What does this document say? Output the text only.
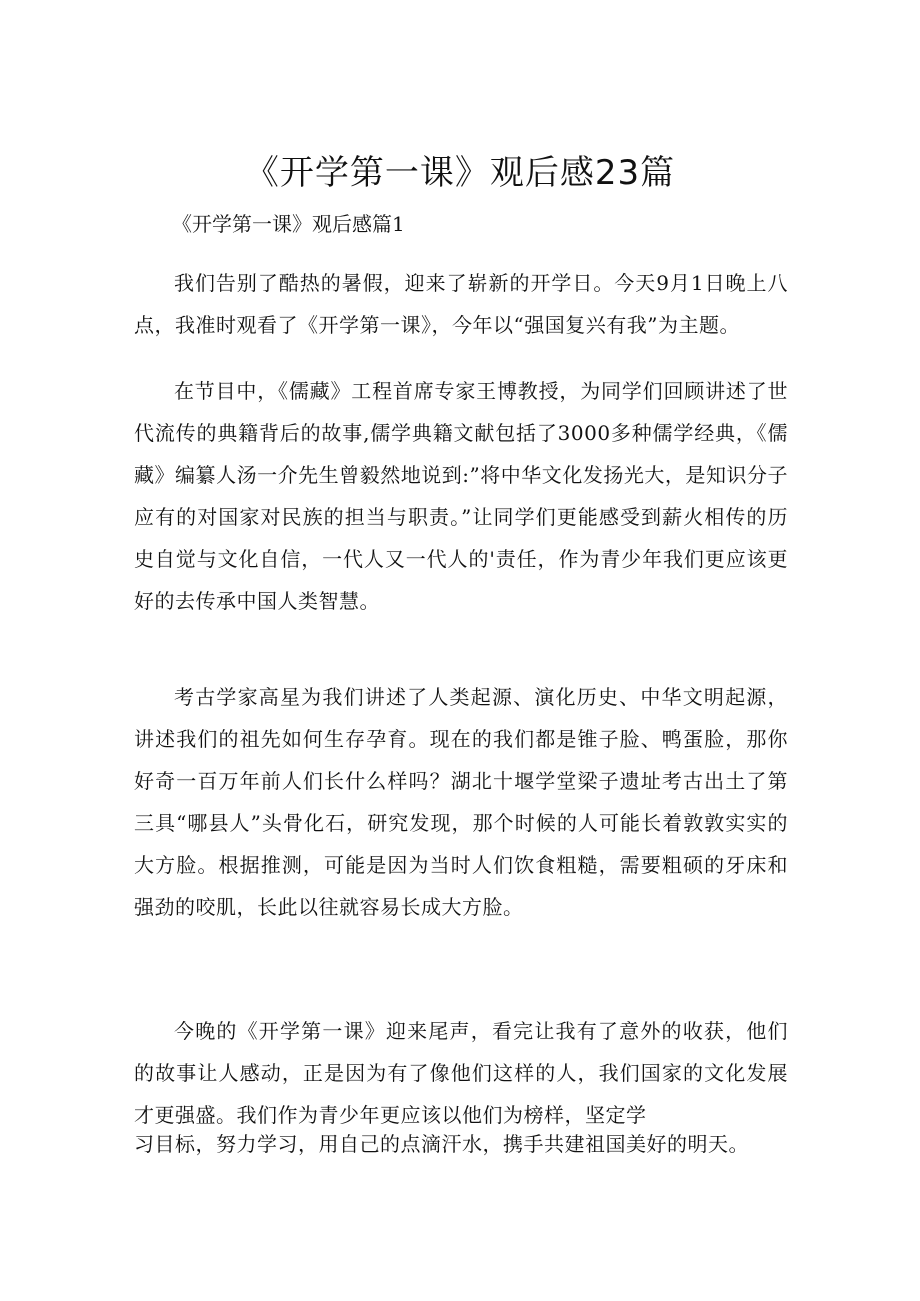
《开学第一课》观后感23篇

《开学第一课》观后感篇1

我们告别了酷热的暑假，迎来了崭新的开学日。今天9月1日晚上八点，我准时观看了《开学第一课》，今年以“强国复兴有我”为主题。

在节目中，《儒藏》工程首席专家王博教授，为同学们回顾讲述了世代流传的典籍背后的故事,儒学典籍文献包括了3000多种儒学经典，《儒藏》编纂人汤一介先生曾毅然地说到:”将中华文化发扬光大，是知识分子应有的对国家对民族的担当与职责。”让同学们更能感受到薪火相传的历史自觉与文化自信，一代人又一代人的'责任，作为青少年我们更应该更好的去传承中国人类智慧。

考古学家高星为我们讲述了人类起源、演化历史、中华文明起源，讲述我们的祖先如何生存孕育。现在的我们都是锥子脸、鸭蛋脸，那你好奇一百万年前人们长什么样吗？湖北十堰学堂梁子遗址考古出土了第三具“哪县人”头骨化石，研究发现，那个时候的人可能长着敦敦实实的大方脸。根据推测，可能是因为当时人们饮食粗糙，需要粗硕的牙床和强劲的咬肌，长此以往就容易长成大方脸。

今晚的《开学第一课》迎来尾声，看完让我有了意外的收获，他们的故事让人感动，正是因为有了像他们这样的人，我们国家的文化发展才更强盛。我们作为青少年更应该以他们为榜样，坚定学

习目标，努力学习，用自己的点滴汗水，携手共建祖国美好的明天。
